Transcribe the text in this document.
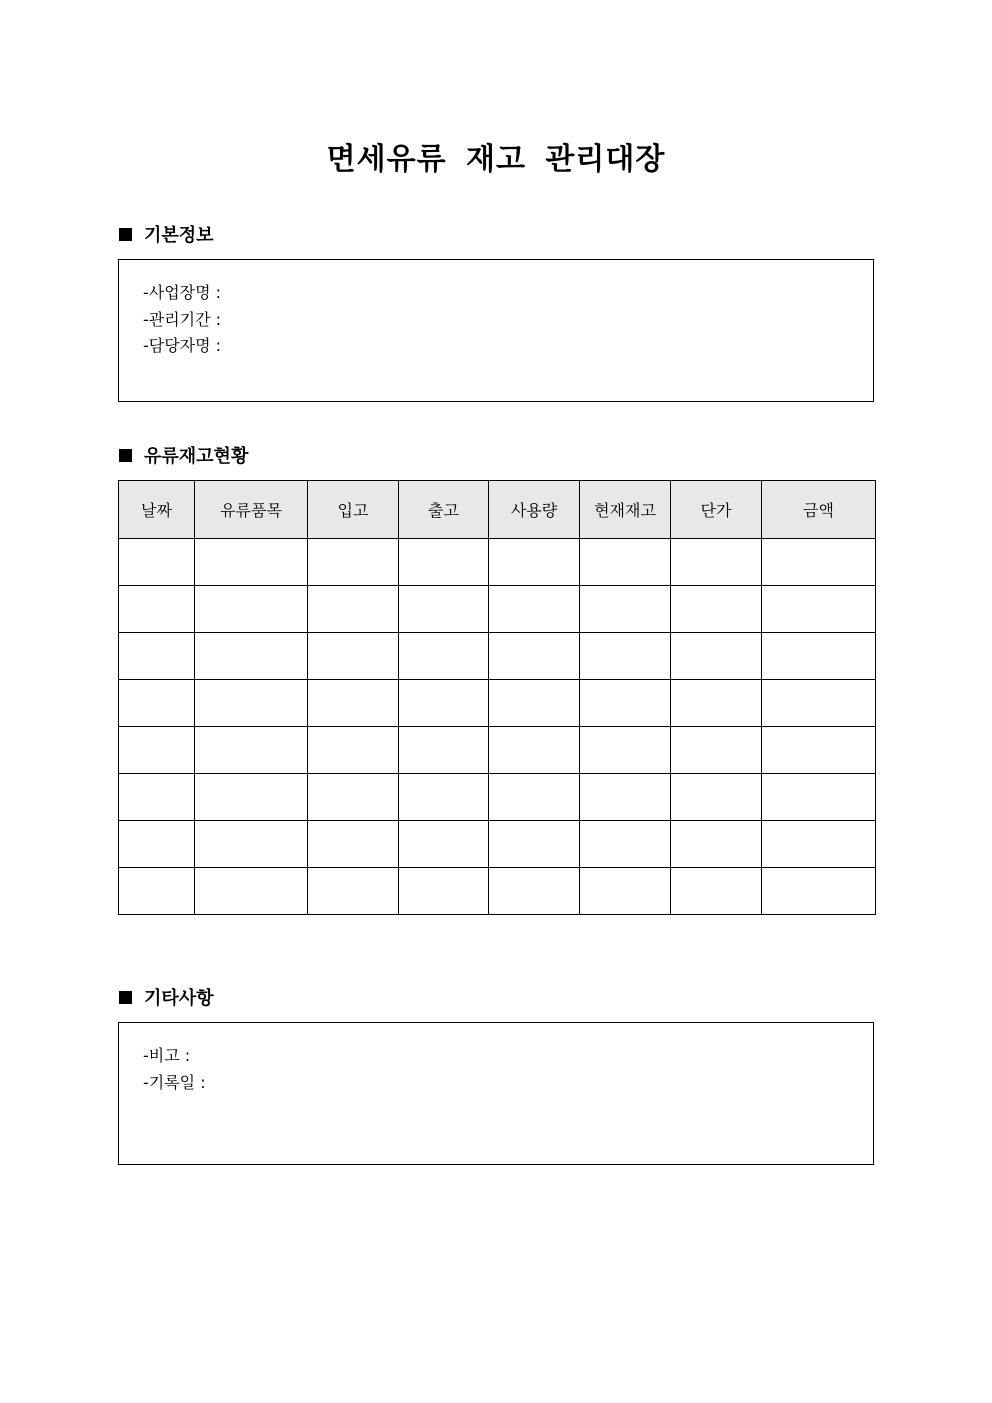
면세유류 재고 관리대장
기본정보
-사업장명 :
-관리기간 :
-담당자명 :
유류재고현황
날짜	유류품목	입고	출고	사용량	현재재고	단가	금액

기타사항
-비고 :
-기록일 :
